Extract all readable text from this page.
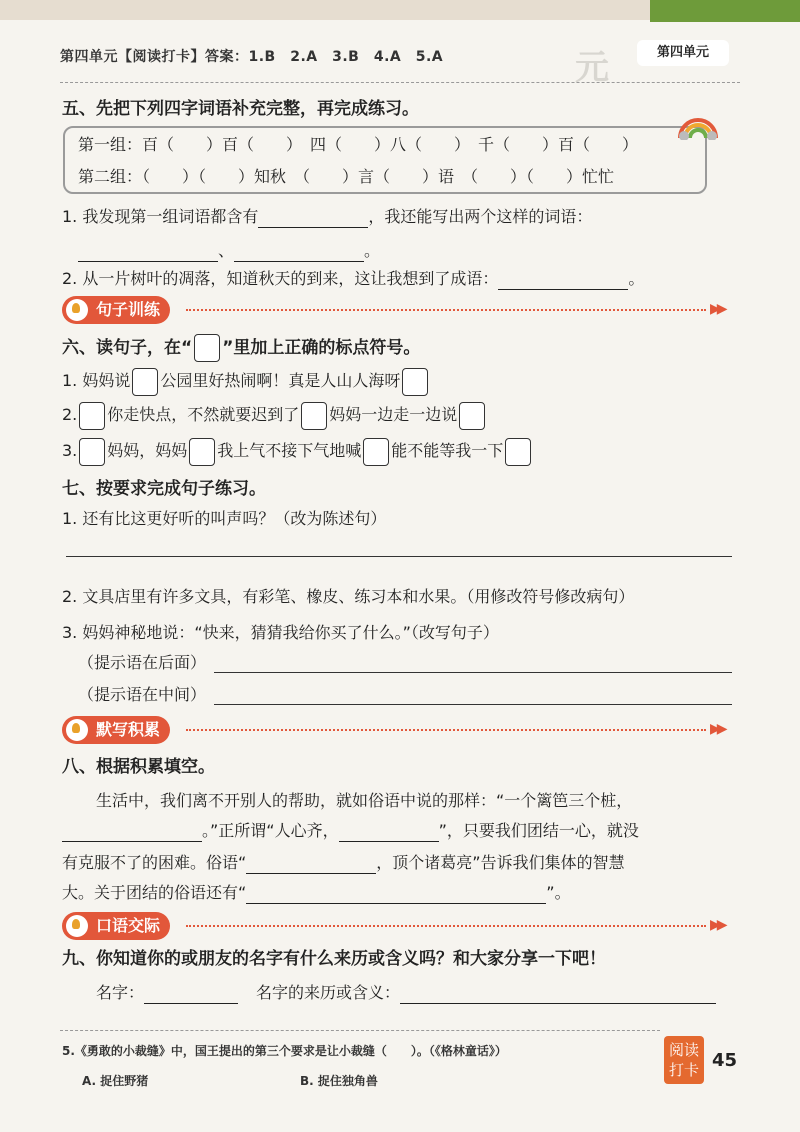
第四单元【阅读打卡】答案：1.B　2.A　3.B　4.A　5.A	元	第四单元
五、先把下列四字词语补充完整，再完成练习。
第一组：百（　　）百（　　）　四（　　）八（　　）　千（　　）百（　　）
第二组：（　　）（　　）知秋　（　　）言（　　）语　（　　）（　　）忙忙
1. 我发现第一组词语都含有	，我还能写出两个这样的词语：
、	。
2. 从一片树叶的凋落，知道秋天的到来，这让我想到了成语：	。
句子训练	▶▶
六、读句子，在“ ”里加上正确的标点符号。
1. 妈妈说 公园里好热闹啊！真是人山人海呀
2. 你走快点，不然就要迟到了 妈妈一边走一边说
3. 妈妈，妈妈 我上气不接下气地喊 能不能等我一下
七、按要求完成句子练习。
1. 还有比这更好听的叫声吗？（改为陈述句）
2. 文具店里有许多文具，有彩笔、橡皮、练习本和水果。（用修改符号修改病句）
3. 妈妈神秘地说：“快来，猜猜我给你买了什么。”（改写句子）
（提示语在后面）
（提示语在中间）
默写积累	▶▶
八、根据积累填空。
生活中，我们离不开别人的帮助，就如俗语中说的那样：“一个篱笆三个桩，
。”正所谓“人心齐，	”，只要我们团结一心，就没
有克服不了的困难。俗语“	，顶个诸葛亮”告诉我们集体的智慧
大。关于团结的俗语还有“	”。
口语交际	▶▶
九、你知道你的或朋友的名字有什么来历或含义吗？和大家分享一下吧！
名字：	名字的来历或含义：
5.《勇敢的小裁缝》中，国王提出的第三个要求是让小裁缝（　　）。（《格林童话》）
A. 捉住野猪	B. 捉住独角兽
阅读
打卡 45
